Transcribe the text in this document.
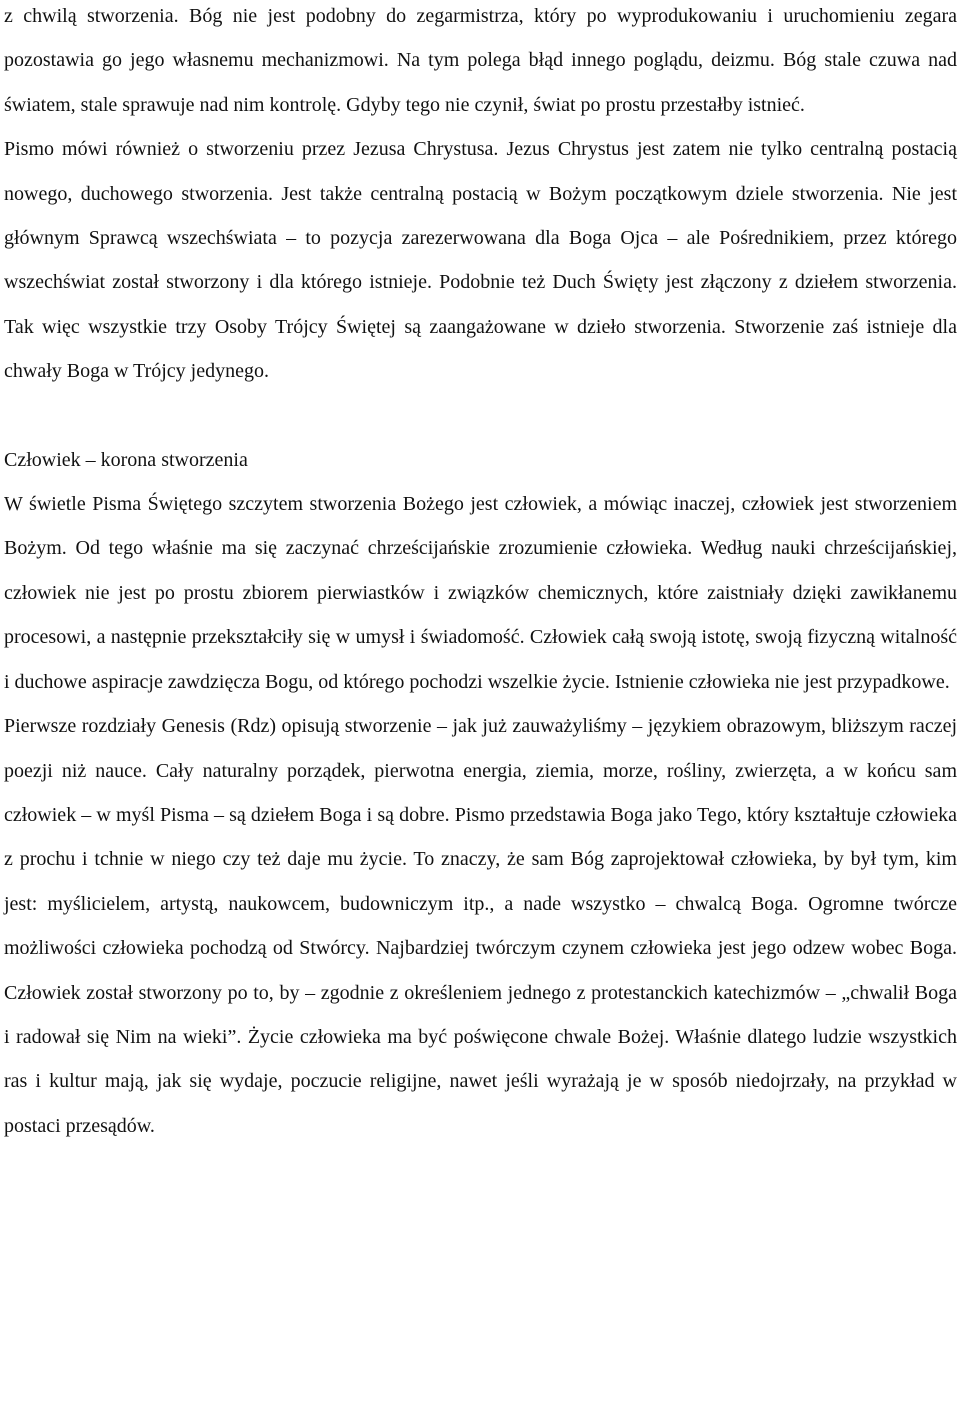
z chwilą stworzenia. Bóg nie jest podobny do zegarmistrza, który po wyprodukowaniu i uruchomieniu zegara pozostawia go jego własnemu mechanizmowi. Na tym polega błąd innego poglądu, deizmu. Bóg stale czuwa nad światem, stale sprawuje nad nim kontrolę. Gdyby tego nie czynił, świat po prostu przestałby istnieć.

Pismo mówi również o stworzeniu przez Jezusa Chrystusa. Jezus Chrystus jest zatem nie tylko centralną postacią nowego, duchowego stworzenia. Jest także centralną postacią w Bożym początkowym dziele stworzenia. Nie jest głównym Sprawcą wszechświata – to pozycja zarezerwowana dla Boga Ojca – ale Pośrednikiem, przez którego wszechświat został stworzony i dla którego istnieje. Podobnie też Duch Święty jest złączony z dziełem stworzenia. Tak więc wszystkie trzy Osoby Trójcy Świętej są zaangażowane w dzieło stworzenia. Stworzenie zaś istnieje dla chwały Boga w Trójcy jedynego.

Człowiek – korona stworzenia

W świetle Pisma Świętego szczytem stworzenia Bożego jest człowiek, a mówiąc inaczej, człowiek jest stworzeniem Bożym. Od tego właśnie ma się zaczynać chrześcijańskie zrozumienie człowieka. Według nauki chrześcijańskiej, człowiek nie jest po prostu zbiorem pierwiastków i związków chemicznych, które zaistniały dzięki zawikłanemu procesowi, a następnie przekształciły się w umysł i świadomość. Człowiek całą swoją istotę, swoją fizyczną witalność i duchowe aspiracje zawdzięcza Bogu, od którego pochodzi wszelkie życie. Istnienie człowieka nie jest przypadkowe.

Pierwsze rozdziały Genesis (Rdz) opisują stworzenie – jak już zauważyliśmy – językiem obrazowym, bliższym raczej poezji niż nauce. Cały naturalny porządek, pierwotna energia, ziemia, morze, rośliny, zwierzęta, a w końcu sam człowiek – w myśl Pisma – są dziełem Boga i są dobre. Pismo przedstawia Boga jako Tego, który kształtuje człowieka z prochu i tchnie w niego czy też daje mu życie. To znaczy, że sam Bóg zaprojektował człowieka, by był tym, kim jest: myślicielem, artystą, naukowcem, budowniczym itp., a nade wszystko – chwalcą Boga. Ogromne twórcze możliwości człowieka pochodzą od Stwórcy. Najbardziej twórczym czynem człowieka jest jego odzew wobec Boga. Człowiek został stworzony po to, by – zgodnie z określeniem jednego z protestanckich katechizmów – „chwalił Boga i radował się Nim na wieki”. Życie człowieka ma być poświęcone chwale Bożej. Właśnie dlatego ludzie wszystkich ras i kultur mają, jak się wydaje, poczucie religijne, nawet jeśli wyrażają je w sposób niedojrzały, na przykład w postaci przesądów.
